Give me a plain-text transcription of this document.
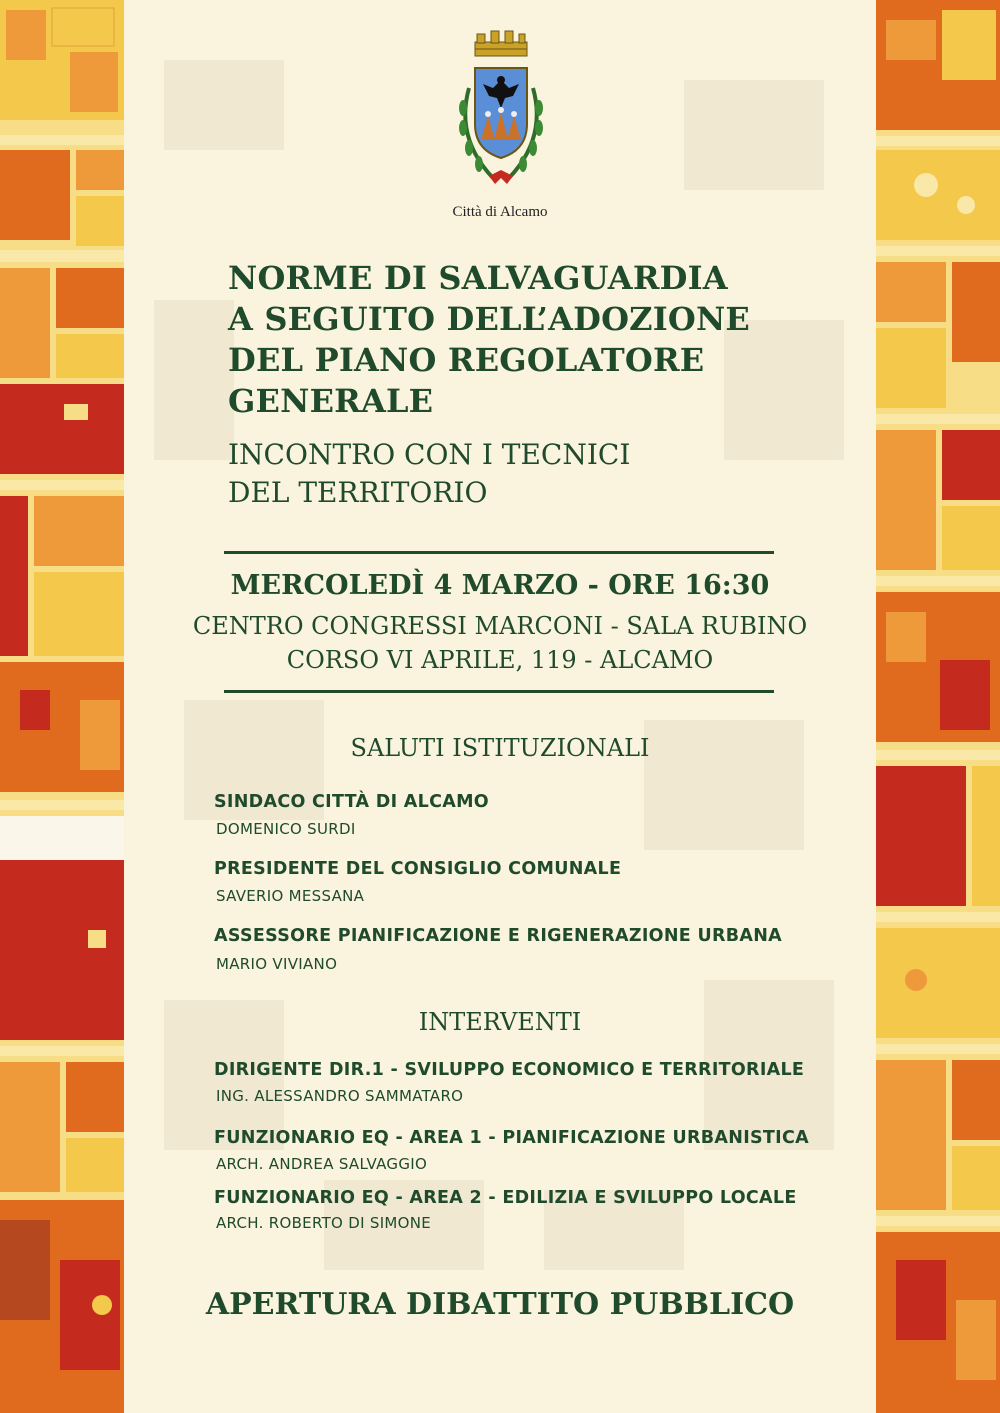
Città di Alcamo
NORME DI SALVAGUARDIA
A SEGUITO DELL’ADOZIONE
DEL PIANO REGOLATORE
GENERALE
INCONTRO CON I TECNICI
DEL TERRITORIO
MERCOLEDÌ 4 MARZO - ORE 16:30
CENTRO CONGRESSI MARCONI - SALA RUBINO
CORSO VI APRILE, 119 - ALCAMO
SALUTI ISTITUZIONALI
SINDACO CITTÀ DI ALCAMO
DOMENICO SURDI
PRESIDENTE DEL CONSIGLIO COMUNALE
SAVERIO MESSANA
ASSESSORE PIANIFICAZIONE E RIGENERAZIONE URBANA
MARIO VIVIANO
INTERVENTI
DIRIGENTE DIR.1 - SVILUPPO ECONOMICO E TERRITORIALE
ING. ALESSANDRO SAMMATARO
FUNZIONARIO EQ - AREA 1 - PIANIFICAZIONE URBANISTICA
ARCH. ANDREA SALVAGGIO
FUNZIONARIO EQ - AREA 2 - EDILIZIA E SVILUPPO LOCALE
ARCH. ROBERTO DI SIMONE
APERTURA DIBATTITO PUBBLICO
